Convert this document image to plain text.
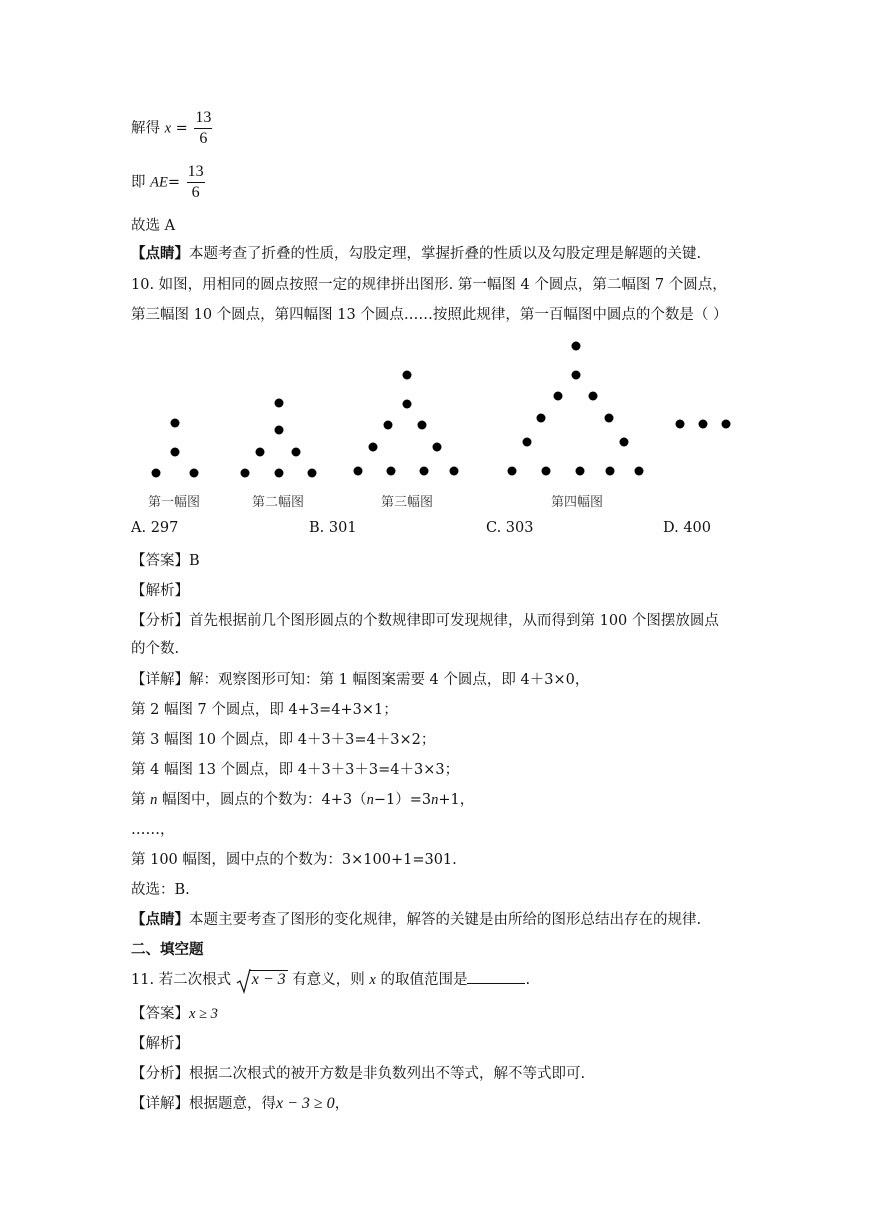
解得 $x = \frac{13}{6}$
即 $AE= \frac{13}{6}$
故选 A
【点睛】本题考查了折叠的性质，勾股定理，掌握折叠的性质以及勾股定理是解题的关键.
10. 如图，用相同的圆点按照一定的规律拼出图形. 第一幅图 4 个圆点，第二幅图 7 个圆点，
第三幅图 10 个圆点，第四幅图 13 个圆点……按照此规律，第一百幅图中圆点的个数是（ ）
第一幅图	第二幅图	第三幅图	第四幅图
A. 297	B. 301	C. 303	D. 400
【答案】B
【解析】
【分析】首先根据前几个图形圆点的个数规律即可发现规律，从而得到第 100 个图摆放圆点
的个数.
【详解】解：观察图形可知：第 1 幅图案需要 4 个圆点，即 4＋3×0，
第 2 幅图 7 个圆点，即 4+3=4+3×1；
第 3 幅图 10 个圆点，即 4＋3＋3=4＋3×2；
第 4 幅图 13 个圆点，即 4＋3＋3＋3=4＋3×3；
第 n 幅图中，圆点的个数为：4+3（n−1）=3n+1，
……，
第 100 幅图，圆中点的个数为：3×100+1=301.
故选：B.
【点睛】本题主要考查了图形的变化规律，解答的关键是由所给的图形总结出存在的规律.
二、填空题
11. 若二次根式 x − 3 有意义，则 x 的取值范围是	.
【答案】x ≥ 3
【解析】
【分析】根据二次根式的被开方数是非负数列出不等式，解不等式即可.
【详解】根据题意，得x − 3 ≥ 0，
